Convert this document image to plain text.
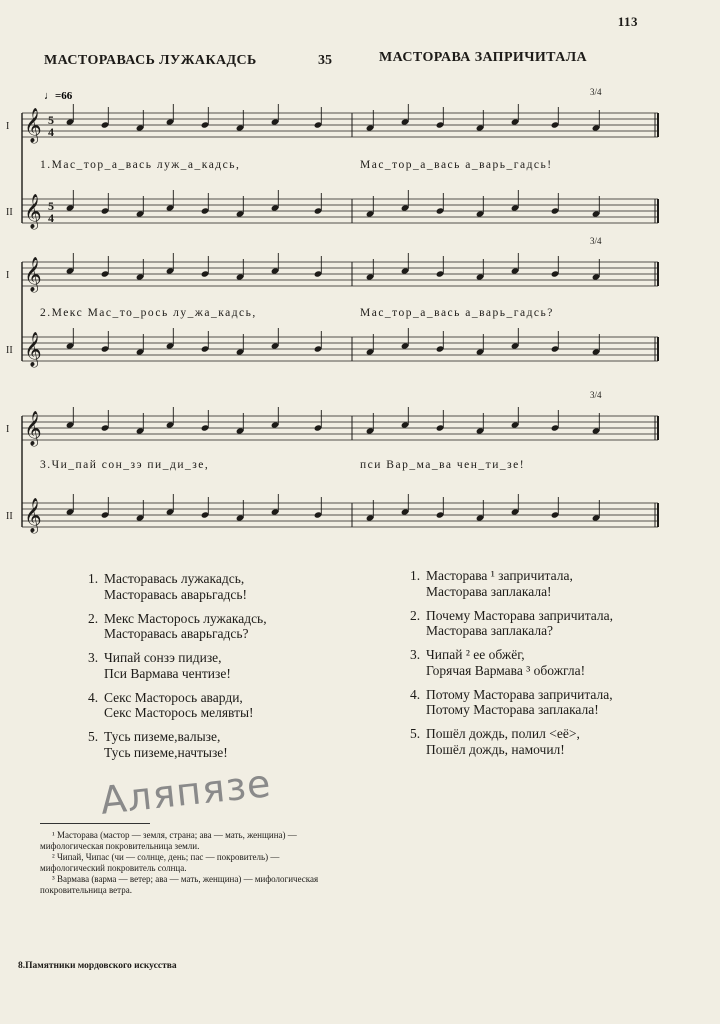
113
МАСТОРАВАСЬ ЛУЖАКАДСЬ	35	МАСТОРАВА ЗАПРИЧИТАЛА
♩=66
𝄞
𝄞
I
II
3/4
1.Мас_тор_а_вась луж_а_кадсь,	Мас_тор_а_вась а_варь_гадсь!
𝄞
𝄞
I
II
3/4
2.Мекс Мас_то_рось лу_жа_кадсь,	Мас_тор_а_вась а_варь_гадсь?
𝄞
𝄞
I
II
3/4
3.Чи_пай сон_зэ пи_ди_зе,	пси Вар_ма_ва чен_ти_зе!
5
4
5
4
1. Масторавась лужакадсь,
Масторавась аварьгадсь!
2. Мекс Масторось лужакадсь,
Масторавась аварьгадсь?
3. Чипай сонзэ пидизе,
Пси Вармава чентизе!
4. Секс Масторось аварди,
Секс Масторось мелявты!
5. Тусь пиземе,валызе,
Тусь пиземе,начтызе!
1. Масторава ¹ запричитала,
Масторава заплакала!
2. Почему Масторава запричитала,
Масторава заплакала?
3. Чипай ² ее обжёг,
Горячая Вармава ³ обожгла!
4. Потому Масторава запричитала,
Потому Масторава заплакала!
5. Пошёл дождь, полил <её>,
Пошёл дождь, намочил!
Аляпязе

¹ Масторава (мастор — земля, страна; ава — мать, женщина) — мифологическая покровительница земли.

² Чипай, Чипас (чи — солнце, день; пас — покровитель) — мифологический покровитель солнца.

³ Вармава (варма — ветер; ава — мать, женщина) — мифологическая покровительница ветра.

8.Памятники мордовского искусства
